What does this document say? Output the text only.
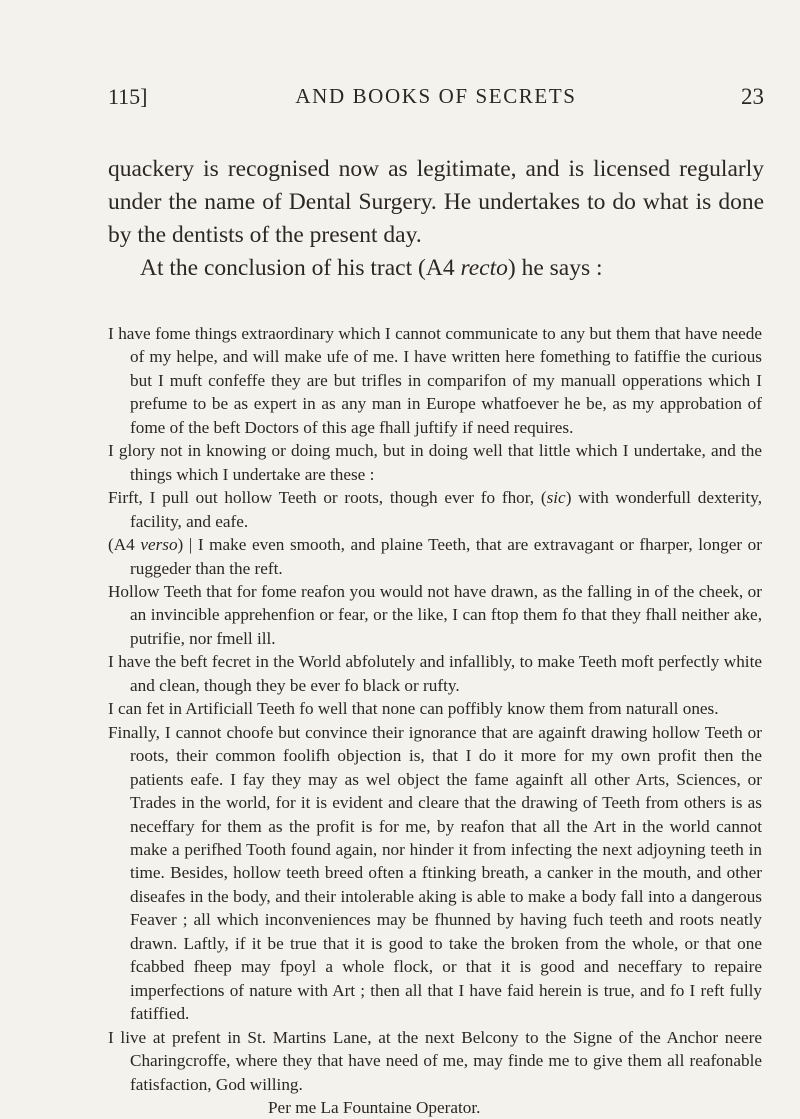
115]	AND BOOKS OF SECRETS	23

quackery is recognised now as legitimate, and is licensed regularly under the name of Dental Surgery. He undertakes to do what is done by the dentists of the present day.

At the conclusion of his tract (A4 recto) he says :

I have fome things extraordinary which I cannot communicate to any but them that have neede of my helpe, and will make ufe of me. I have written here fomething to fatiffie the curious but I muft confeffe they are but trifles in comparifon of my manuall opperations which I prefume to be as expert in as any man in Europe whatfoever he be, as my approbation of fome of the beft Doctors of this age fhall juftify if need requires.

I glory not in knowing or doing much, but in doing well that little which I undertake, and the things which I undertake are these :

Firft, I pull out hollow Teeth or roots, though ever fo fhor, (sic) with wonderfull dexterity, facility, and eafe.

(A4 verso) | I make even smooth, and plaine Teeth, that are extravagant or fharper, longer or ruggeder than the reft.

Hollow Teeth that for fome reafon you would not have drawn, as the falling in of the cheek, or an invincible apprehenfion or fear, or the like, I can ftop them fo that they fhall neither ake, putrifie, nor fmell ill.

I have the beft fecret in the World abfolutely and infallibly, to make Teeth moft perfectly white and clean, though they be ever fo black or rufty.

I can fet in Artificiall Teeth fo well that none can poffibly know them from naturall ones.

Finally, I cannot choofe but convince their ignorance that are againft drawing hollow Teeth or roots, their common foolifh objection is, that I do it more for my own profit then the patients eafe. I fay they may as wel object the fame againft all other Arts, Sciences, or Trades in the world, for it is evident and cleare that the drawing of Teeth from others is as neceffary for them as the profit is for me, by reafon that all the Art in the world cannot make a perifhed Tooth found again, nor hinder it from infecting the next adjoyning teeth in time. Besides, hollow teeth breed often a ftinking breath, a canker in the mouth, and other diseafes in the body, and their intolerable aking is able to make a body fall into a dangerous Feaver ; all which inconveniences may be fhunned by having fuch teeth and roots neatly drawn. Laftly, if it be true that it is good to take the broken from the whole, or that one fcabbed fheep may fpoyl a whole flock, or that it is good and neceffary to repaire imperfections of nature with Art ; then all that I have faid herein is true, and fo I reft fully fatiffied.

I live at prefent in St. Martins Lane, at the next Belcony to the Signe of the Anchor neere Charingcroffe, where they that have need of me, may finde me to give them all reafonable fatisfaction, God willing.

Per me La Fountaine Operator.
